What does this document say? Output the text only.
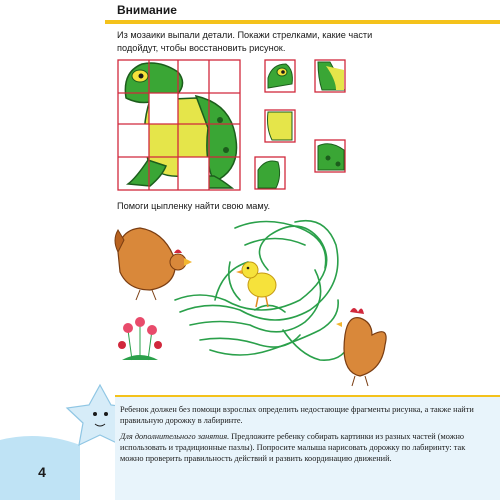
Внимание
Из мозаики выпали детали. Покажи стрелками, какие части подойдут, чтобы восстановить рисунок.
Помоги цыпленку найти свою маму.
Ребенок должен без помощи взрослых определить недостающие фрагменты рисунка, а также найти правильную дорожку в лабиринте.
Для дополнительного занятия. Предложите ребенку собирать картинки из разных частей (можно использовать и традиционные пазлы). Попросите малыша нарисовать дорожку по лабиринту: так можно проверить правильность действий и развить координацию движений.
4
